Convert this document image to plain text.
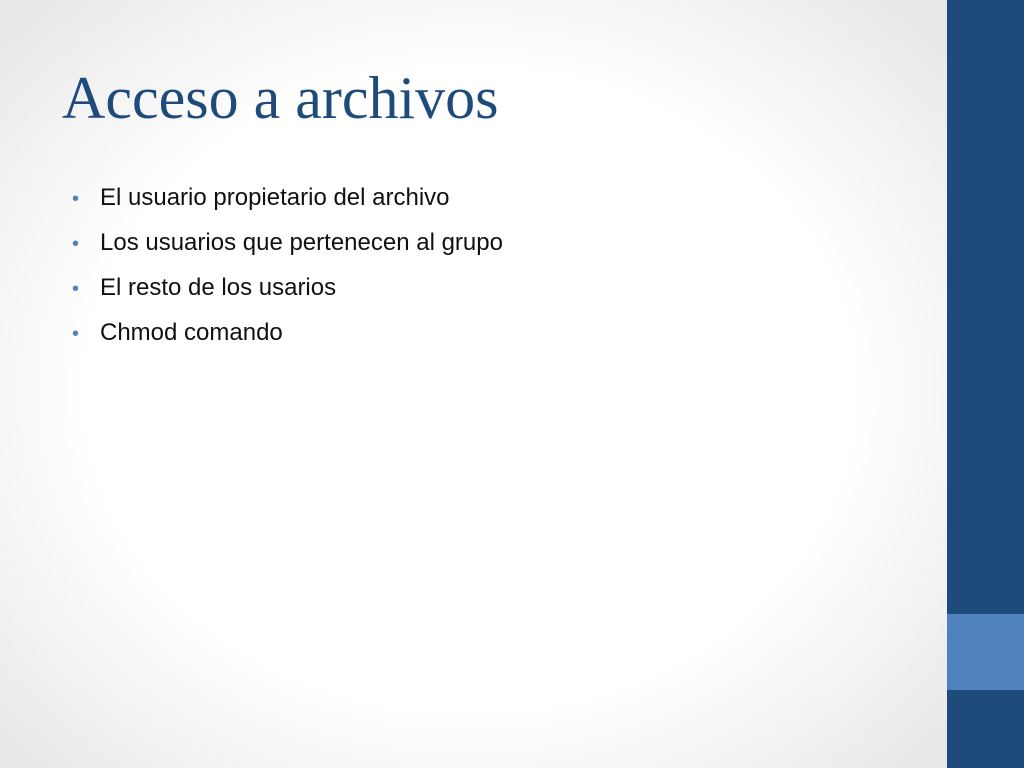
Acceso a archivos
• El usuario propietario del archivo
• Los usuarios que pertenecen al grupo
• El resto de los usarios
• Chmod comando
